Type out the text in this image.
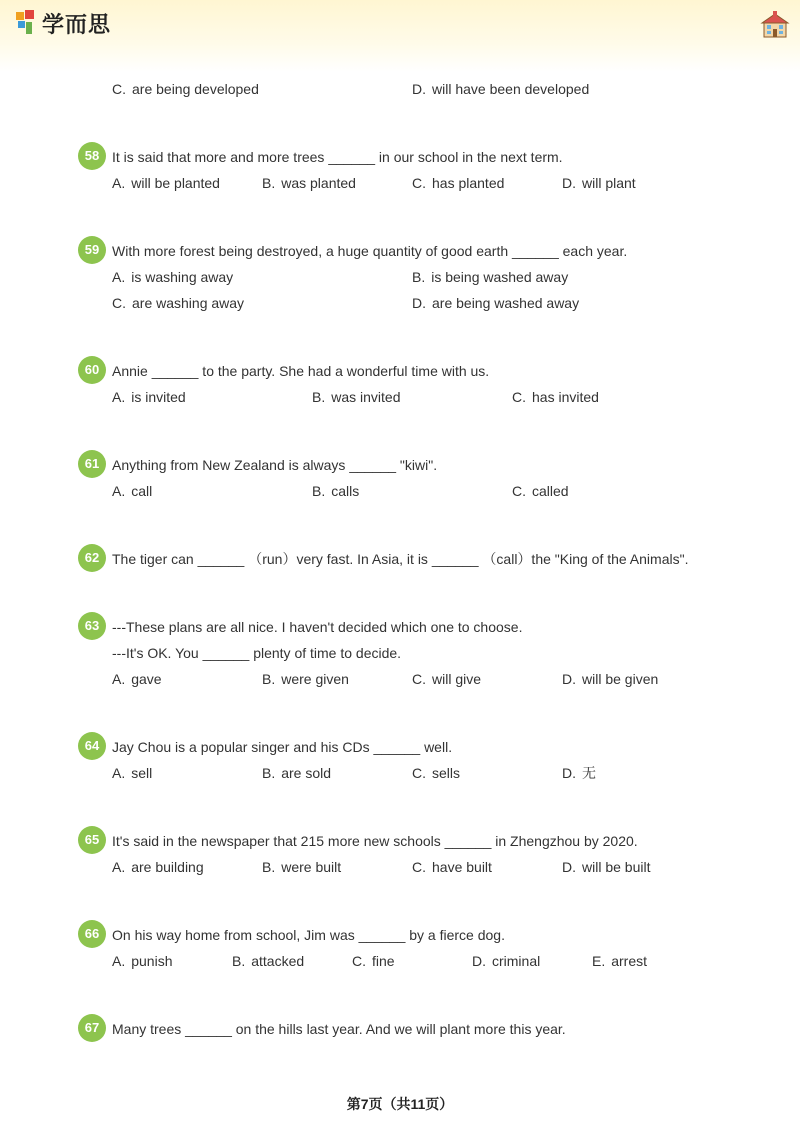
学而思
C. are being developed	D. will have been developed
58 It is said that more and more trees ______ in our school in the next term.
A. will be planted	B. was planted	C. has planted	D. will plant
59 With more forest being destroyed, a huge quantity of good earth ______ each year.
A. is washing away	B. is being washed away
C. are washing away	D. are being washed away
60 Annie ______ to the party. She had a wonderful time with us.
A. is invited	B. was invited	C. has invited
61 Anything from New Zealand is always ______ "kiwi".
A. call	B. calls	C. called
62 The tiger can ______ （run）very fast. In Asia, it is ______ （call）the "King of the Animals".
63 ---These plans are all nice. I haven't decided which one to choose.
---It's OK. You ______ plenty of time to decide.
A. gave	B. were given	C. will give	D. will be given
64 Jay Chou is a popular singer and his CDs ______ well.
A. sell	B. are sold	C. sells	D. 无
65 It's said in the newspaper that 215 more new schools ______ in Zhengzhou by 2020.
A. are building	B. were built	C. have built	D. will be built
66 On his way home from school, Jim was ______ by a fierce dog.
A. punish	B. attacked	C. fine	D. criminal	E. arrest
67 Many trees ______ on the hills last year. And we will plant more this year.
第7页（共11页）
